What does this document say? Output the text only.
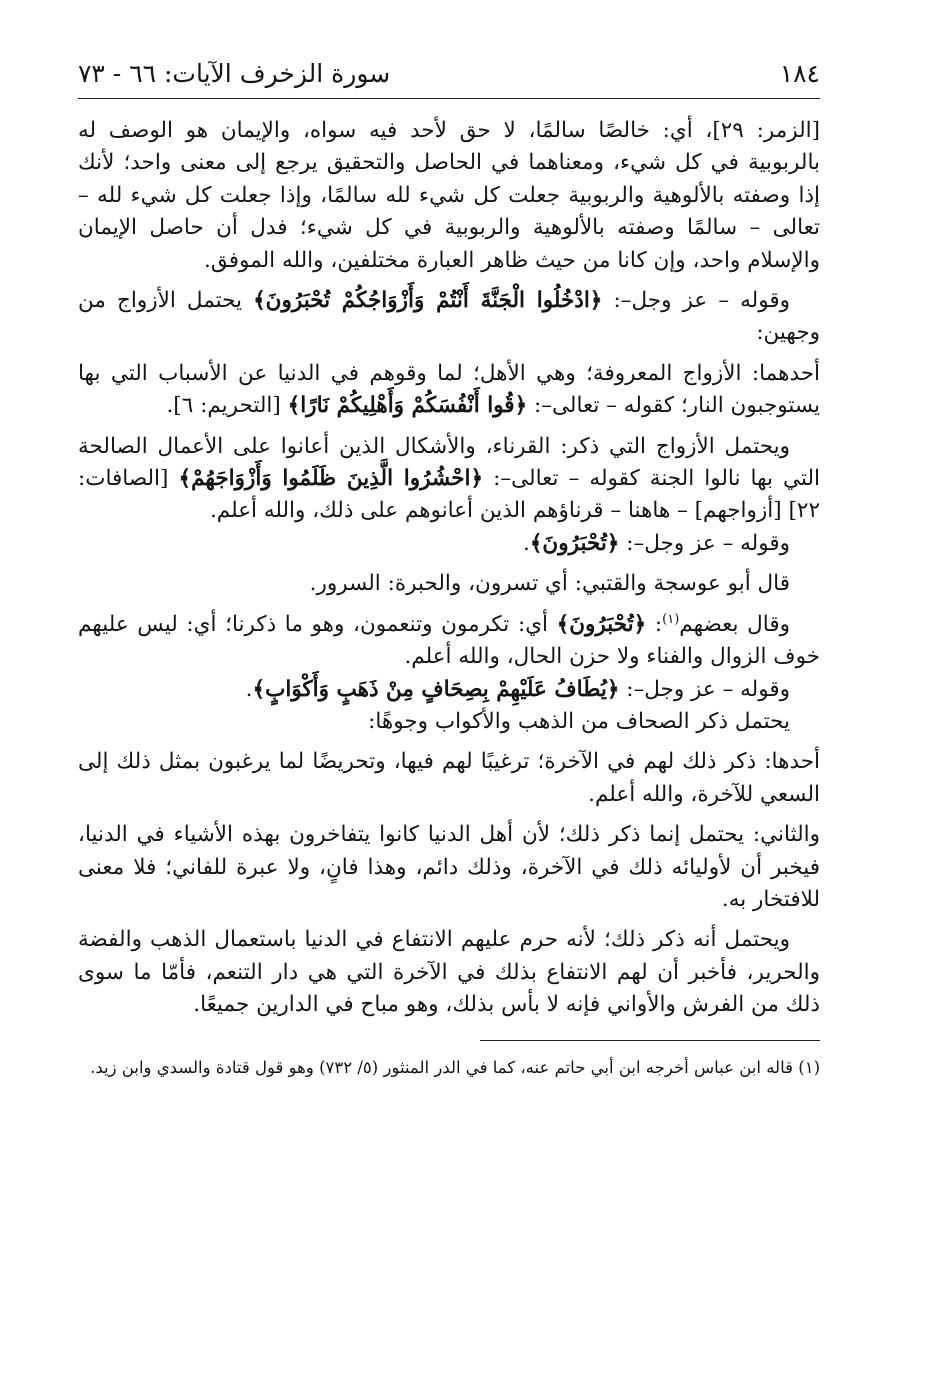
١٨٤
سورة الزخرف الآيات: ٦٦ - ٧٣

[الزمر: ٢٩]، أي: خالصًا سالمًا، لا حق لأحد فيه سواه، والإيمان هو الوصف له بالربوبية في كل شيء، ومعناهما في الحاصل والتحقيق يرجع إلى معنى واحد؛ لأنك إذا وصفته بالألوهية والربوبية جعلت كل شيء لله سالمًا، وإذا جعلت كل شيء لله – تعالى – سالمًا وصفته بالألوهية والربوبية في كل شيء؛ فدل أن حاصل الإيمان والإسلام واحد، وإن كانا من حيث ظاهر العبارة مختلفين، والله الموفق.

وقوله – عز وجل–: ﴿ادْخُلُوا الْجَنَّةَ أَنْتُمْ وَأَزْوَاجُكُمْ تُحْبَرُونَ﴾ يحتمل الأزواج من وجهين:

أحدهما: الأزواج المعروفة؛ وهي الأهل؛ لما وقوهم في الدنيا عن الأسباب التي بها يستوجبون النار؛ كقوله – تعالى–: ﴿قُوا أَنْفُسَكُمْ وَأَهْلِيكُمْ نَارًا﴾ [التحريم: ٦].

ويحتمل الأزواج التي ذكر: القرناء، والأشكال الذين أعانوا على الأعمال الصالحة التي بها نالوا الجنة كقوله – تعالى–: ﴿احْشُرُوا الَّذِينَ ظَلَمُوا وَأَزْوَاجَهُمْ﴾ [الصافات: ٢٢] [أزواجهم] – هاهنا – قرناؤهم الذين أعانوهم على ذلك، والله أعلم.

وقوله – عز وجل–: ﴿تُحْبَرُونَ﴾.

قال أبو عوسجة والقتبي: أي تسرون، والحبرة: السرور.

وقال بعضهم$^{(١)}$: ﴿تُحْبَرُونَ﴾ أي: تكرمون وتنعمون، وهو ما ذكرنا؛ أي: ليس عليهم خوف الزوال والفناء ولا حزن الحال، والله أعلم.

وقوله – عز وجل–: ﴿يُطَافُ عَلَيْهِمْ بِصِحَافٍ مِنْ ذَهَبٍ وَأَكْوَابٍ﴾.

يحتمل ذكر الصحاف من الذهب والأكواب وجوهًا:

أحدها: ذكر ذلك لهم في الآخرة؛ ترغيبًا لهم فيها، وتحريضًا لما يرغبون بمثل ذلك إلى السعي للآخرة، والله أعلم.

والثاني: يحتمل إنما ذكر ذلك؛ لأن أهل الدنيا كانوا يتفاخرون بهذه الأشياء في الدنيا، فيخبر أن لأوليائه ذلك في الآخرة، وذلك دائم، وهذا فانٍ، ولا عبرة للفاني؛ فلا معنى للافتخار به.

ويحتمل أنه ذكر ذلك؛ لأنه حرم عليهم الانتفاع في الدنيا باستعمال الذهب والفضة والحرير، فأخبر أن لهم الانتفاع بذلك في الآخرة التي هي دار التنعم، فأمّا ما سوى ذلك من الفرش والأواني فإنه لا بأس بذلك، وهو مباح في الدارين جميعًا.

(١) قاله ابن عباس أخرجه ابن أبي حاتم عنه، كما في الدر المنثور (٥/ ٧٣٢) وهو قول قتادة والسدي وابن زيد.
